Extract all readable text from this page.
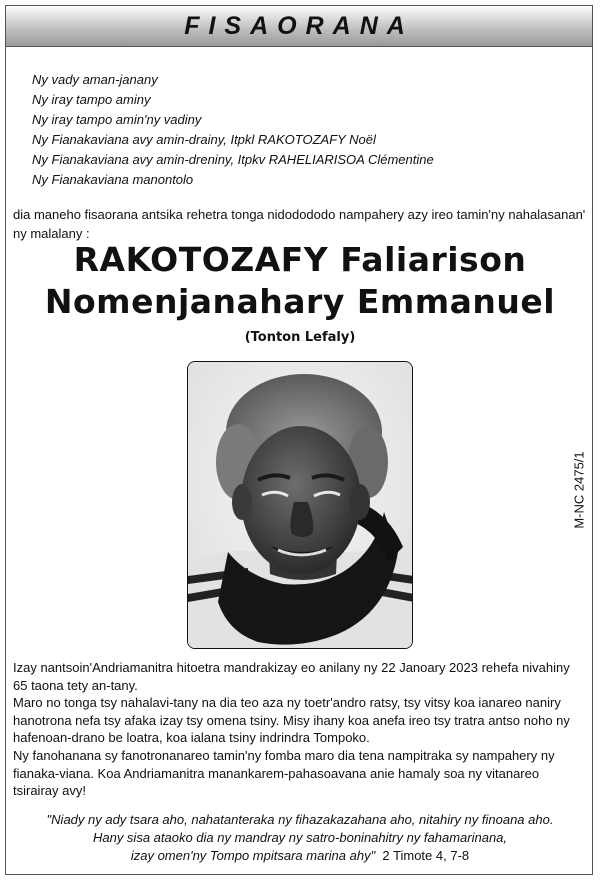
FISAORANA
Ny vady aman-janany
Ny iray tampo aminy
Ny iray tampo amin'ny vadiny
Ny Fianakaviana avy amin-drainy, Itpkl RAKOTOZAFY Noël
Ny Fianakaviana avy amin-dreniny, Itpkv RAHELIARISOA Clémentine
Ny Fianakaviana manontolo

dia maneho fisaorana antsika rehetra tonga nidodododo nampahery azy ireo tamin'ny nahalasanan' ny malalany :

RAKOTOZAFY Faliarison

Nomenjanahary Emmanuel

(Tonton Lefaly)

M-NC 2475/1

Izay nantsoin'Andriamanitra hitoetra mandrakizay eo anilany ny 22 Janoary 2023 rehefa nivahiny 65 taona tety an-tany.

Maro no tonga tsy nahalavi-tany na dia teo aza ny toetr'andro ratsy, tsy vitsy koa ianareo naniry hanotrona nefa tsy afaka izay tsy omena tsiny. Misy ihany koa anefa ireo tsy tratra antso noho ny hafenoan-drano be loatra, koa ialana tsiny indrindra Tompoko.

Ny fanohanana sy fanotronanareo tamin'ny fomba maro dia tena nampitraka sy nampahery ny fianaka-viana. Koa Andriamanitra manankarem-pahasoavana anie hamaly soa ny vitanareo tsirairay avy!

"Niady ny ady tsara aho, nahatanteraka ny fihazakazahana aho, nitahiry ny finoana aho.
Hany sisa ataoko dia ny mandray ny satro-boninahitry ny fahamarinana,
izay omen'ny Tompo mpitsara marina ahy" 2 Timote 4, 7-8
